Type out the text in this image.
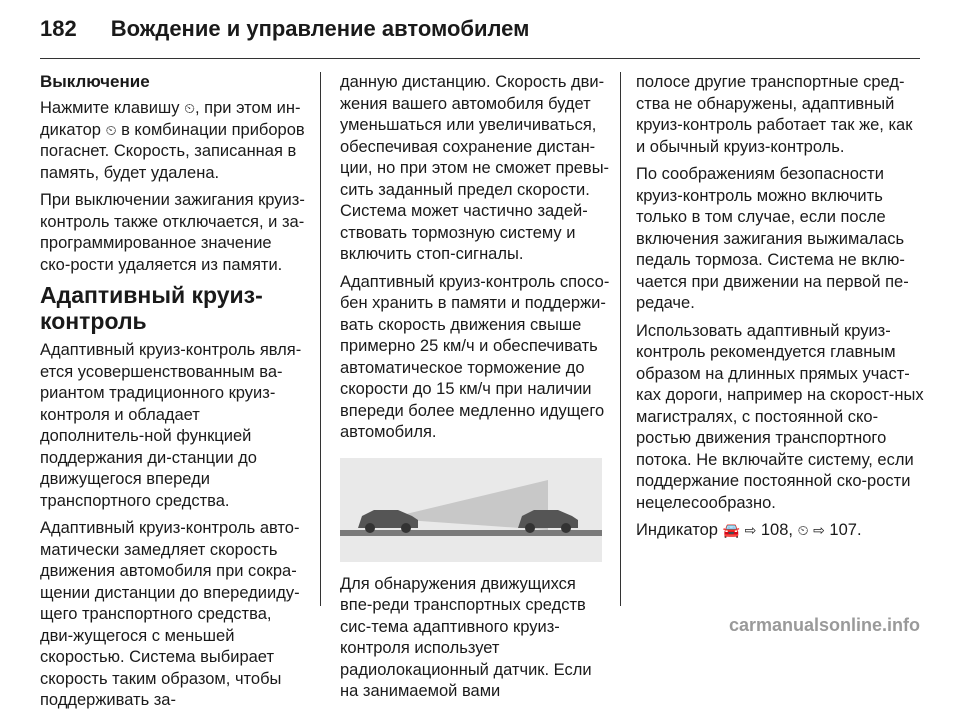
182 Вождение и управление автомобилем

Выключение

Нажмите клавишу ⏲, при этом ин-дикатор ⏲ в комбинации приборов погаснет. Скорость, записанная в память, будет удалена.

При выключении зажигания круиз-контроль также отключается, и за-программированное значение ско-рости удаляется из памяти.

Адаптивный круиз-контроль

Адаптивный круиз-контроль явля-ется усовершенствованным ва-риантом традиционного круиз-контроля и обладает дополнитель-ной функцией поддержания ди-станции до движущегося впереди транспортного средства.

Адаптивный круиз-контроль авто-матически замедляет скорость движения автомобиля при сокра-щении дистанции до впередииду-щего транспортного средства, дви-жущегося с меньшей скоростью. Система выбирает скорость таким образом, чтобы поддерживать за-

данную дистанцию. Скорость дви-жения вашего автомобиля будет уменьшаться или увеличиваться, обеспечивая сохранение дистан-ции, но при этом не сможет превы-сить заданный предел скорости. Система может частично задей-ствовать тормозную систему и включить стоп-сигналы.

Адаптивный круиз-контроль спосо-бен хранить в памяти и поддержи-вать скорость движения свыше примерно 25 км/ч и обеспечивать автоматическое торможение до скорости до 15 км/ч при наличии впереди более медленно идущего автомобиля.

Для обнаружения движущихся впе-реди транспортных средств сис-тема адаптивного круиз-контроля использует радиолокационный датчик. Если на занимаемой вами

полосе другие транспортные сред-ства не обнаружены, адаптивный круиз-контроль работает так же, как и обычный круиз-контроль.

По соображениям безопасности круиз-контроль можно включить только в том случае, если после включения зажигания выжималась педаль тормоза. Система не вклю-чается при движении на первой пе-редаче.

Использовать адаптивный круиз-контроль рекомендуется главным образом на длинных прямых участ-ках дороги, например на скорост-ных магистралях, с постоянной ско-ростью движения транспортного потока. Не включайте систему, если поддержание постоянной ско-рости нецелесообразно.

Индикатор 🚘 ⇨ 108, ⏲ ⇨ 107.

carmanualsonline.info
